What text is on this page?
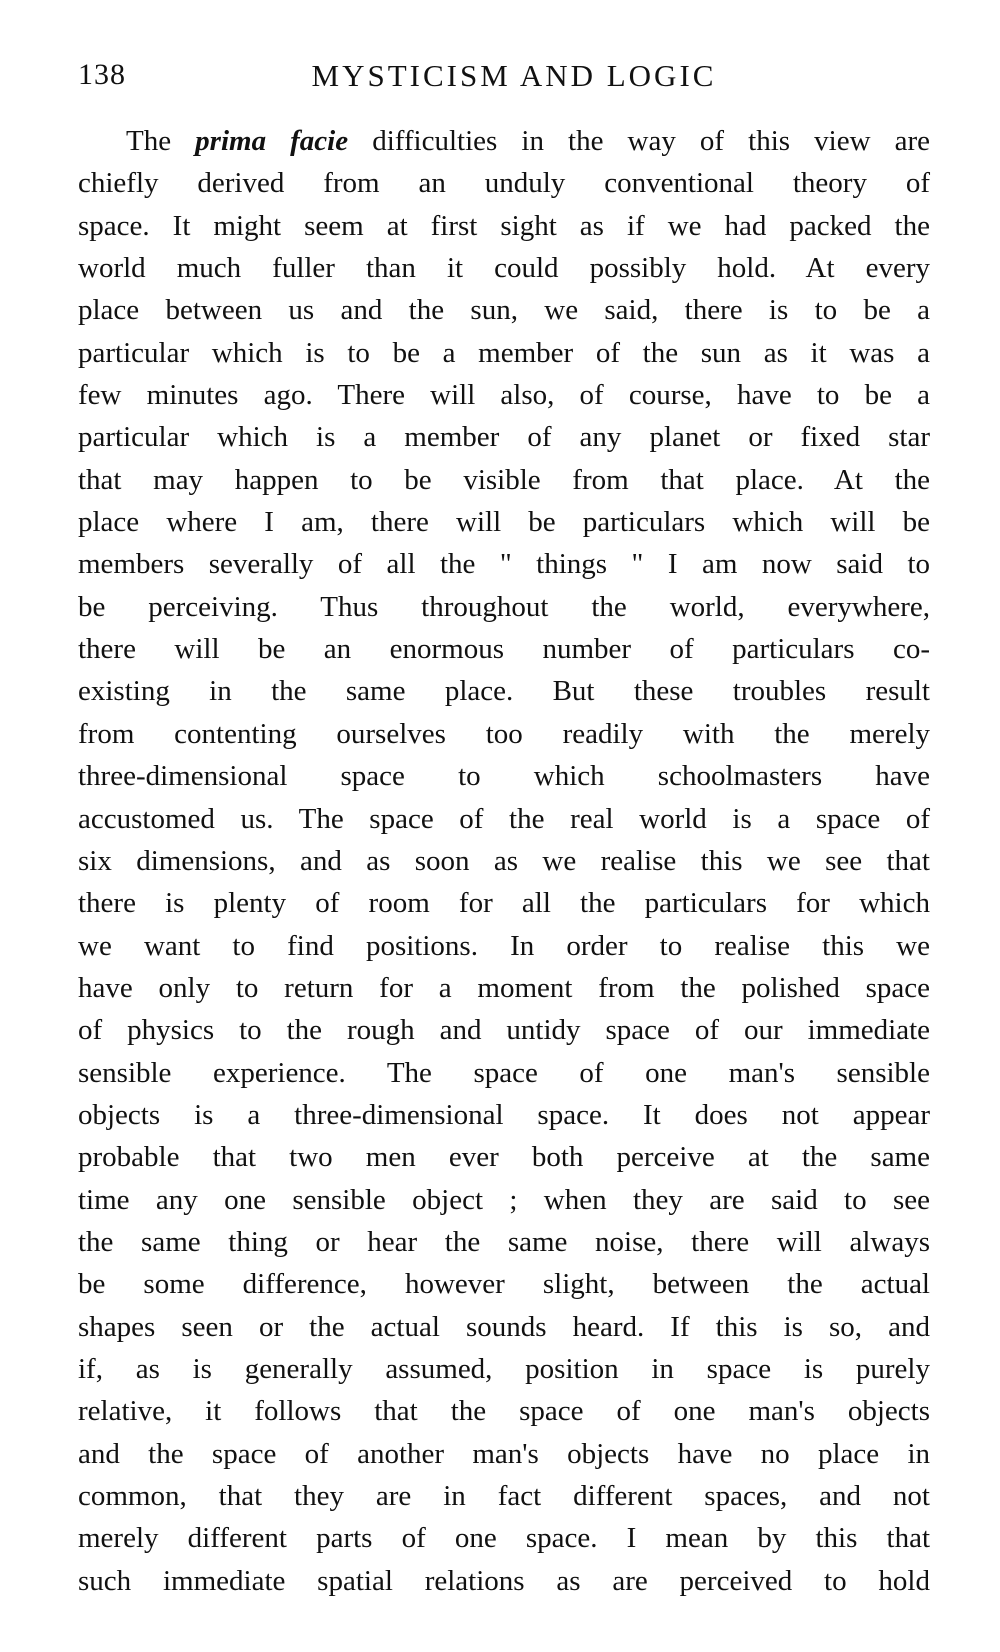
138	MYSTICISM AND LOGIC
The prima facie difficulties in the way of this view are
chiefly derived from an unduly conventional theory of
space. It might seem at first sight as if we had packed the
world much fuller than it could possibly hold. At every
place between us and the sun, we said, there is to be a
particular which is to be a member of the sun as it was a
few minutes ago. There will also, of course, have to be a
particular which is a member of any planet or fixed star
that may happen to be visible from that place. At the
place where I am, there will be particulars which will be
members severally of all the " things " I am now said to
be perceiving. Thus throughout the world, everywhere,
there will be an enormous number of particulars co-
existing in the same place. But these troubles result
from contenting ourselves too readily with the merely
three-dimensional space to which schoolmasters have
accustomed us. The space of the real world is a space of
six dimensions, and as soon as we realise this we see that
there is plenty of room for all the particulars for which
we want to find positions. In order to realise this we
have only to return for a moment from the polished space
of physics to the rough and untidy space of our immediate
sensible experience. The space of one man's sensible
objects is a three-dimensional space. It does not appear
probable that two men ever both perceive at the same
time any one sensible object ; when they are said to see
the same thing or hear the same noise, there will always
be some difference, however slight, between the actual
shapes seen or the actual sounds heard. If this is so, and
if, as is generally assumed, position in space is purely
relative, it follows that the space of one man's objects
and the space of another man's objects have no place in
common, that they are in fact different spaces, and not
merely different parts of one space. I mean by this that
such immediate spatial relations as are perceived to hold
